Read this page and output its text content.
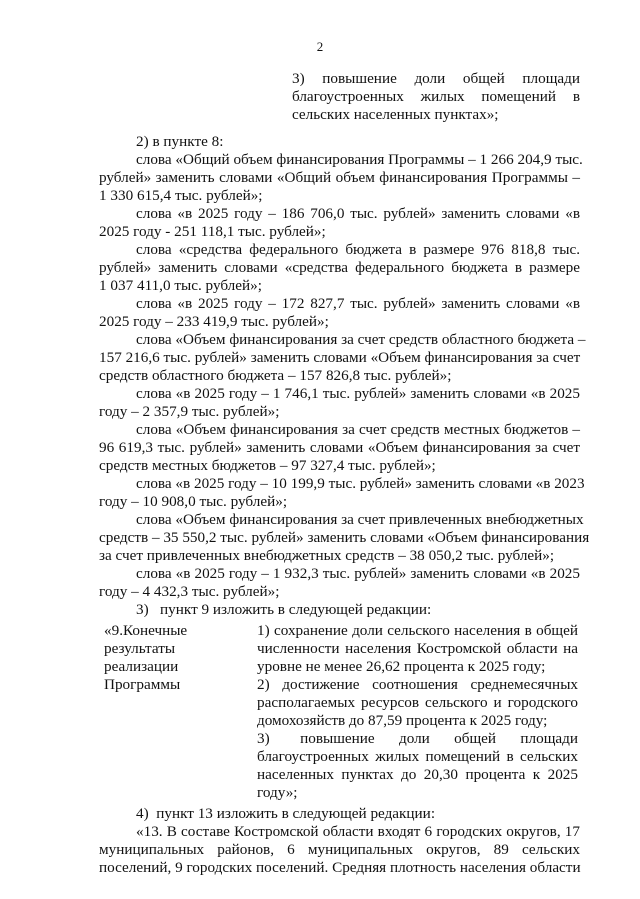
2
3)   повышение   доли   общей   площади
благоустроенных жилых помещений в
сельских населенных пунктах»;
2) в пункте 8:
слова «Общий объем финансирования Программы – 1 266 204,9 тыс.
рублей» заменить словами «Общий объем финансирования Программы –
1 330 615,4 тыс. рублей»;
слова «в 2025 году – 186 706,0 тыс. рублей» заменить словами «в
2025 году - 251 118,1 тыс. рублей»;
слова «средства федерального бюджета в размере 976 818,8 тыс.
рублей» заменить словами «средства федерального бюджета в размере
1 037 411,0 тыс. рублей»;
слова «в 2025 году – 172 827,7 тыс. рублей» заменить словами «в
2025 году – 233 419,9 тыс. рублей»;
слова «Объем финансирования за счет средств областного бюджета –
157 216,6 тыс. рублей» заменить словами «Объем финансирования за счет
средств областного бюджета – 157 826,8 тыс. рублей»;
слова «в 2025 году – 1 746,1 тыс. рублей» заменить словами «в 2025
году – 2 357,9 тыс. рублей»;
слова «Объем финансирования за счет средств местных бюджетов –
96 619,3 тыс. рублей» заменить словами «Объем финансирования за счет
средств местных бюджетов – 97 327,4 тыс. рублей»;
слова «в 2025 году – 10 199,9 тыс. рублей» заменить словами «в 2023
году – 10 908,0 тыс. рублей»;
слова «Объем финансирования за счет привлеченных внебюджетных
средств – 35 550,2 тыс. рублей» заменить словами «Объем финансирования
за счет привлеченных внебюджетных средств – 38 050,2 тыс. рублей»;
слова «в 2025 году – 1 932,3 тыс. рублей» заменить словами «в 2025
году – 4 432,3 тыс. рублей»;
3)   пункт 9 изложить в следующей редакции:
«9.Конечные
результаты
реализации
Программы
1) сохранение доли сельского населения в общей
численности населения Костромской области на
уровне не менее 26,62 процента к 2025 году;
2)  достижение  соотношения  среднемесячных
располагаемых ресурсов сельского и городского
домохозяйств до 87,59 процента к 2025 году;
3)     повышение    доли    общей    площади
благоустроенных жилых помещений в сельских
населенных пунктах до 20,30 процента к 2025
году»;
4)  пункт 13 изложить в следующей редакции:
«13. В составе Костромской области входят 6 городских округов, 17
муниципальных районов, 6 муниципальных округов, 89 сельских
поселений, 9 городских поселений. Средняя плотность населения области
